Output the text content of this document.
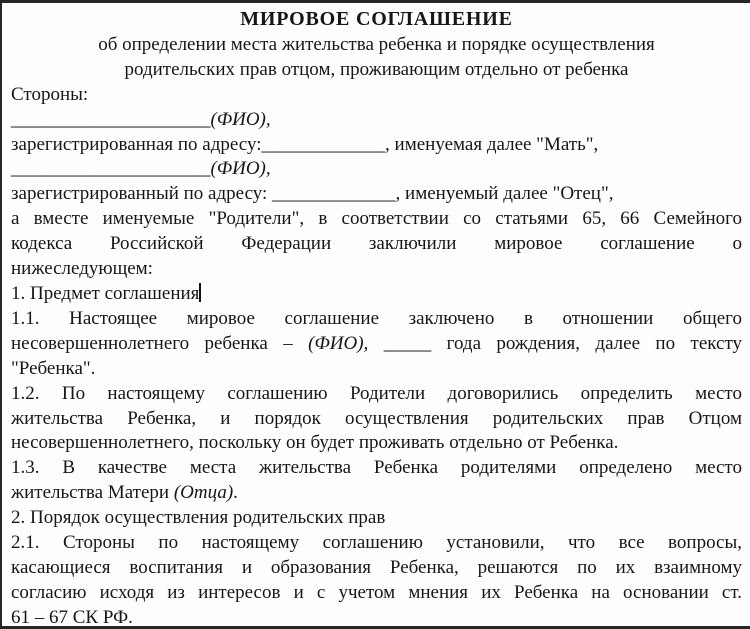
МИРОВОЕ СОГЛАШЕНИЕ
об определении места жительства ребенка и порядке осуществления
родительских прав отцом, проживающим отдельно от ребенка
Стороны:
_____________________(ФИО),
зарегистрированная по адресу:_____________, именуемая далее "Мать",
_____________________(ФИО),
зарегистрированный по адресу: _____________, именуемый далее "Отец",
а вместе именуемые "Родители", в соответствии со статьями 65, 66 Семейного
кодекса Российской Федерации заключили мировое соглашение о
нижеследующем:
1. Предмет соглашения
1.1. Настоящее мировое соглашение заключено в отношении общего
несовершеннолетнего ребенка – (ФИО), _____ года рождения, далее по тексту
"Ребенка".
1.2. По настоящему соглашению Родители договорились определить место
жительства Ребенка, и порядок осуществления родительских прав Отцом
несовершеннолетнего, поскольку он будет проживать отдельно от Ребенка.
1.3. В качестве места жительства Ребенка родителями определено место
жительства Матери (Отца).
2. Порядок осуществления родительских прав
2.1. Стороны по настоящему соглашению установили, что все вопросы,
касающиеся воспитания и образования Ребенка, решаются по их взаимному
согласию исходя из интересов и с учетом мнения их Ребенка на основании ст.
61 – 67 СК РФ.
